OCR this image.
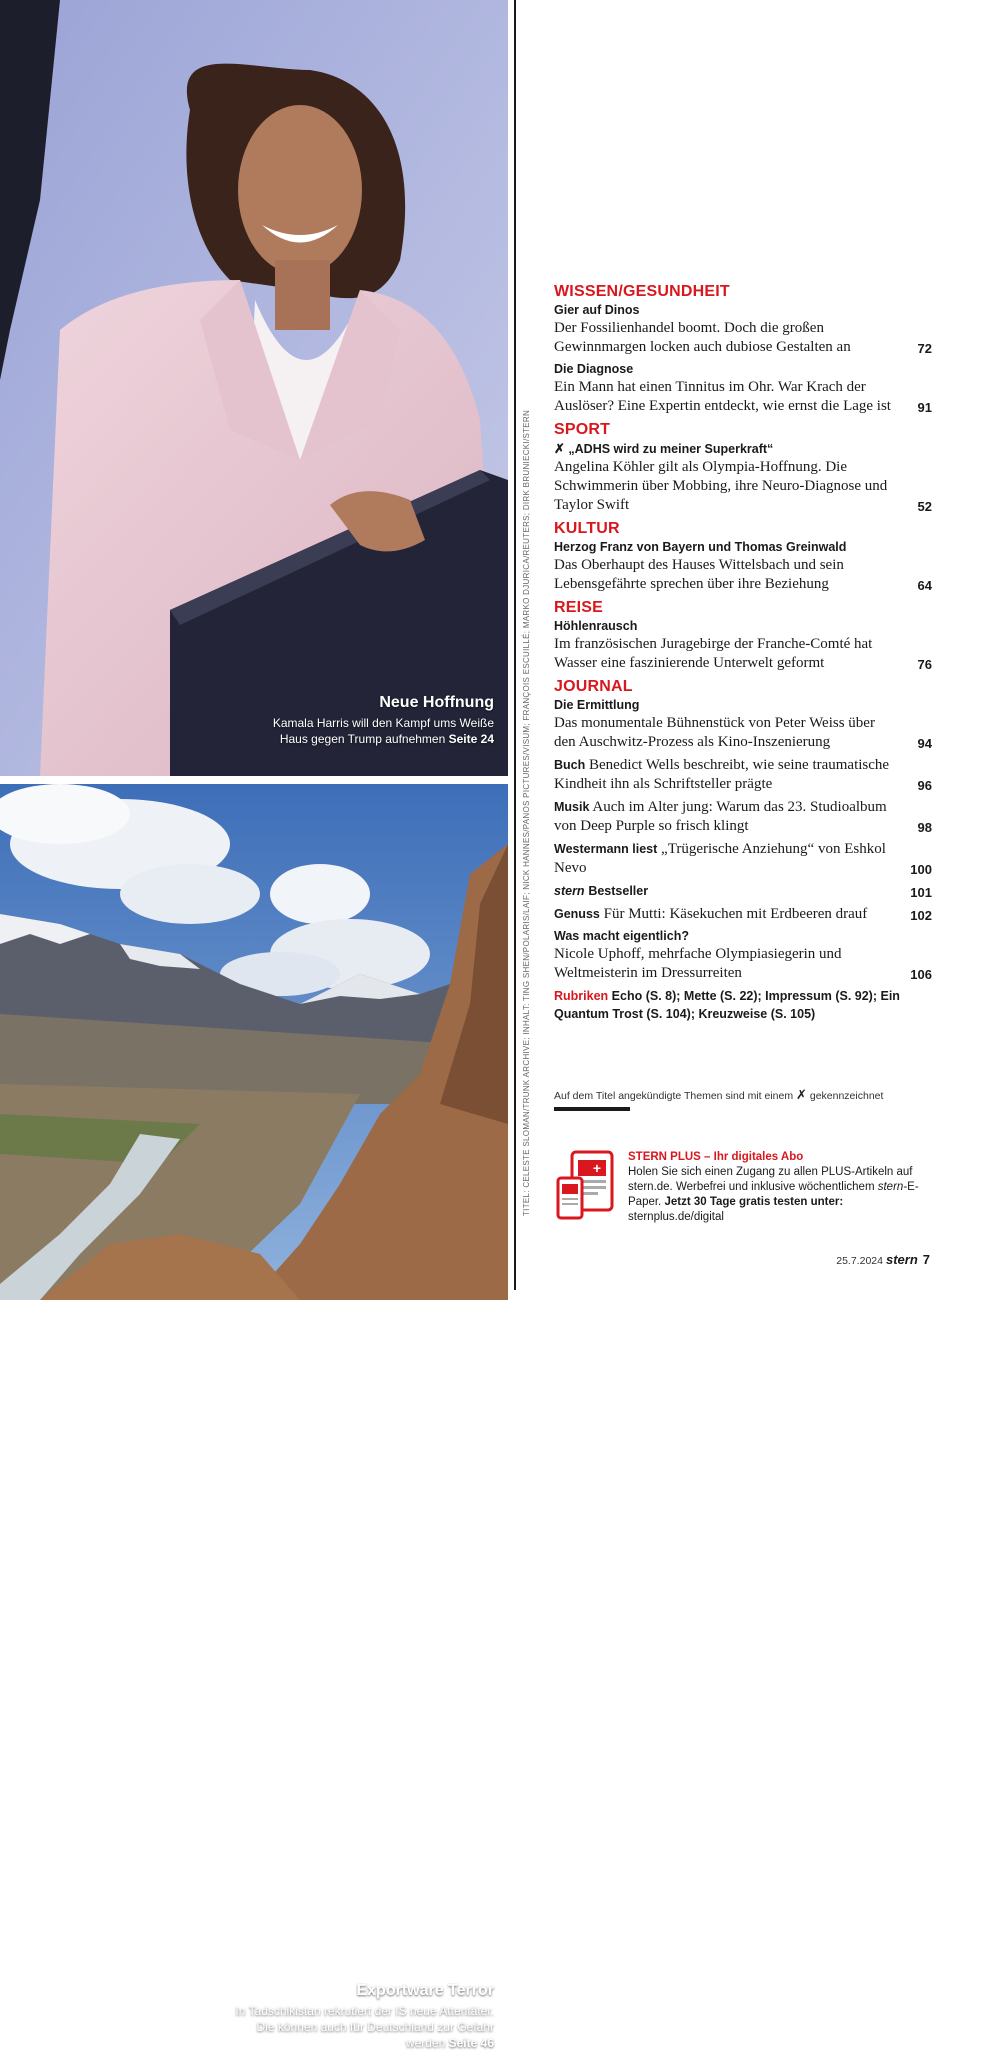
Neue Hoffnung
Kamala Harris will den Kampf ums Weiße Haus gegen Trump aufnehmen Seite 24
Exportware Terror
In Tadschikistan rekrutiert der IS neue Attentäter. Die können auch für Deutschland zur Gefahr werden Seite 46
TITEL: CELESTE SLOMAN/TRUNK ARCHIVE; INHALT: TING SHEN/POLARIS/LAIF; NICK HANNES/PANOS PICTURES/VISUM; FRANÇOIS ESCUILLÉ; MARKO DJURICA/REUTERS; DIRK BRUNIECKI/STERN
WISSEN/GESUNDHEIT
Gier auf Dinos
Der Fossilienhandel boomt. Doch die großen Gewinnmargen locken auch dubiose Gestalten an	72
Die Diagnose
Ein Mann hat einen Tinnitus im Ohr. War Krach der Auslöser? Eine Expertin entdeckt, wie ernst die Lage ist	91
SPORT
✗ „ADHS wird zu meiner Superkraft“
Angelina Köhler gilt als Olympia-Hoffnung. Die Schwimmerin über Mobbing, ihre Neuro-Diagnose und Taylor Swift	52
KULTUR
Herzog Franz von Bayern und Thomas Greinwald
Das Oberhaupt des Hauses Wittelsbach und sein Lebensgefährte sprechen über ihre Beziehung	64
REISE
Höhlenrausch
Im französischen Juragebirge der Franche-Comté hat Wasser eine faszinierende Unterwelt geformt	76
JOURNAL
Die Ermittlung
Das monumentale Bühnenstück von Peter Weiss über den Auschwitz-Prozess als Kino-Inszenierung	94
Buch Benedict Wells beschreibt, wie seine traumatische Kindheit ihn als Schriftsteller prägte	96
Musik Auch im Alter jung: Warum das 23. Studioalbum von Deep Purple so frisch klingt	98
Westermann liest „Trügerische Anziehung“ von Eshkol Nevo	100
stern Bestseller	101
Genuss Für Mutti: Käsekuchen mit Erdbeeren drauf	102
Was macht eigentlich?
Nicole Uphoff, mehrfache Olympiasiegerin und Weltmeisterin im Dressurreiten	106
Rubriken Echo (S. 8); Mette (S. 22); Impressum (S. 92); Ein Quantum Trost (S. 104); Kreuzweise (S. 105)
Auf dem Titel angekündigte Themen sind mit einem ✗ gekennzeichnet
+
STERN PLUS – Ihr digitales Abo
Holen Sie sich einen Zugang zu allen PLUS-Artikeln auf stern.de. Werbefrei und inklusive wöchentlichem stern-E-Paper. Jetzt 30 Tage gratis testen unter: sternplus.de/digital
25.7.2024 stern 7
